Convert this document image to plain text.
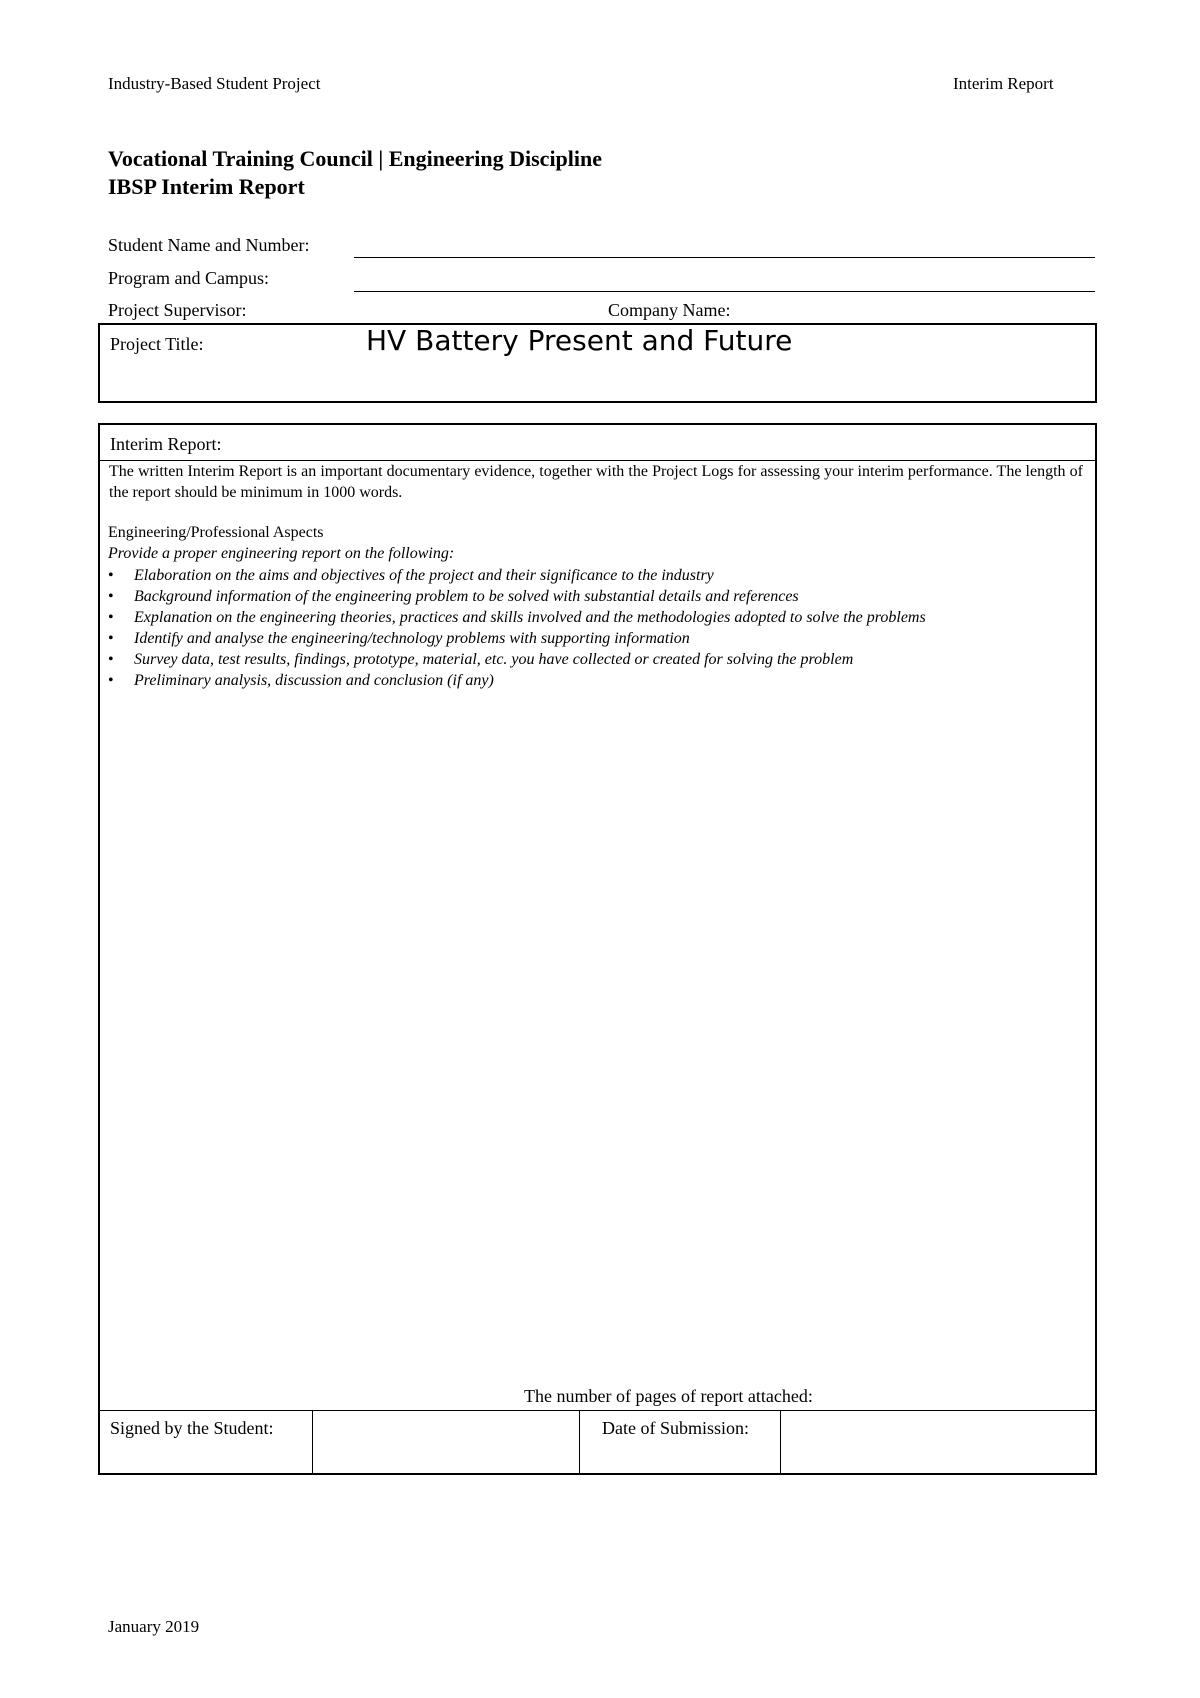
Industry-Based Student Project	Interim Report
Vocational Training Council | Engineering Discipline
IBSP Interim Report
Student Name and Number:
Program and Campus:
Project Supervisor:	Company Name:
Project Title:	HV Battery Present and Future
Interim Report:
The written Interim Report is an important documentary evidence, together with the Project Logs for assessing your interim performance. The length of the report should be minimum in 1000 words.
Engineering/Professional Aspects
Provide a proper engineering report on the following:
• Elaboration on the aims and objectives of the project and their significance to the industry
• Background information of the engineering problem to be solved with substantial details and references
• Explanation on the engineering theories, practices and skills involved and the methodologies adopted to solve the problems
• Identify and analyse the engineering/technology problems with supporting information
• Survey data, test results, findings, prototype, material, etc. you have collected or created for solving the problem
• Preliminary analysis, discussion and conclusion (if any)
The number of pages of report attached:
Signed by the Student:	Date of Submission:
January 2019
